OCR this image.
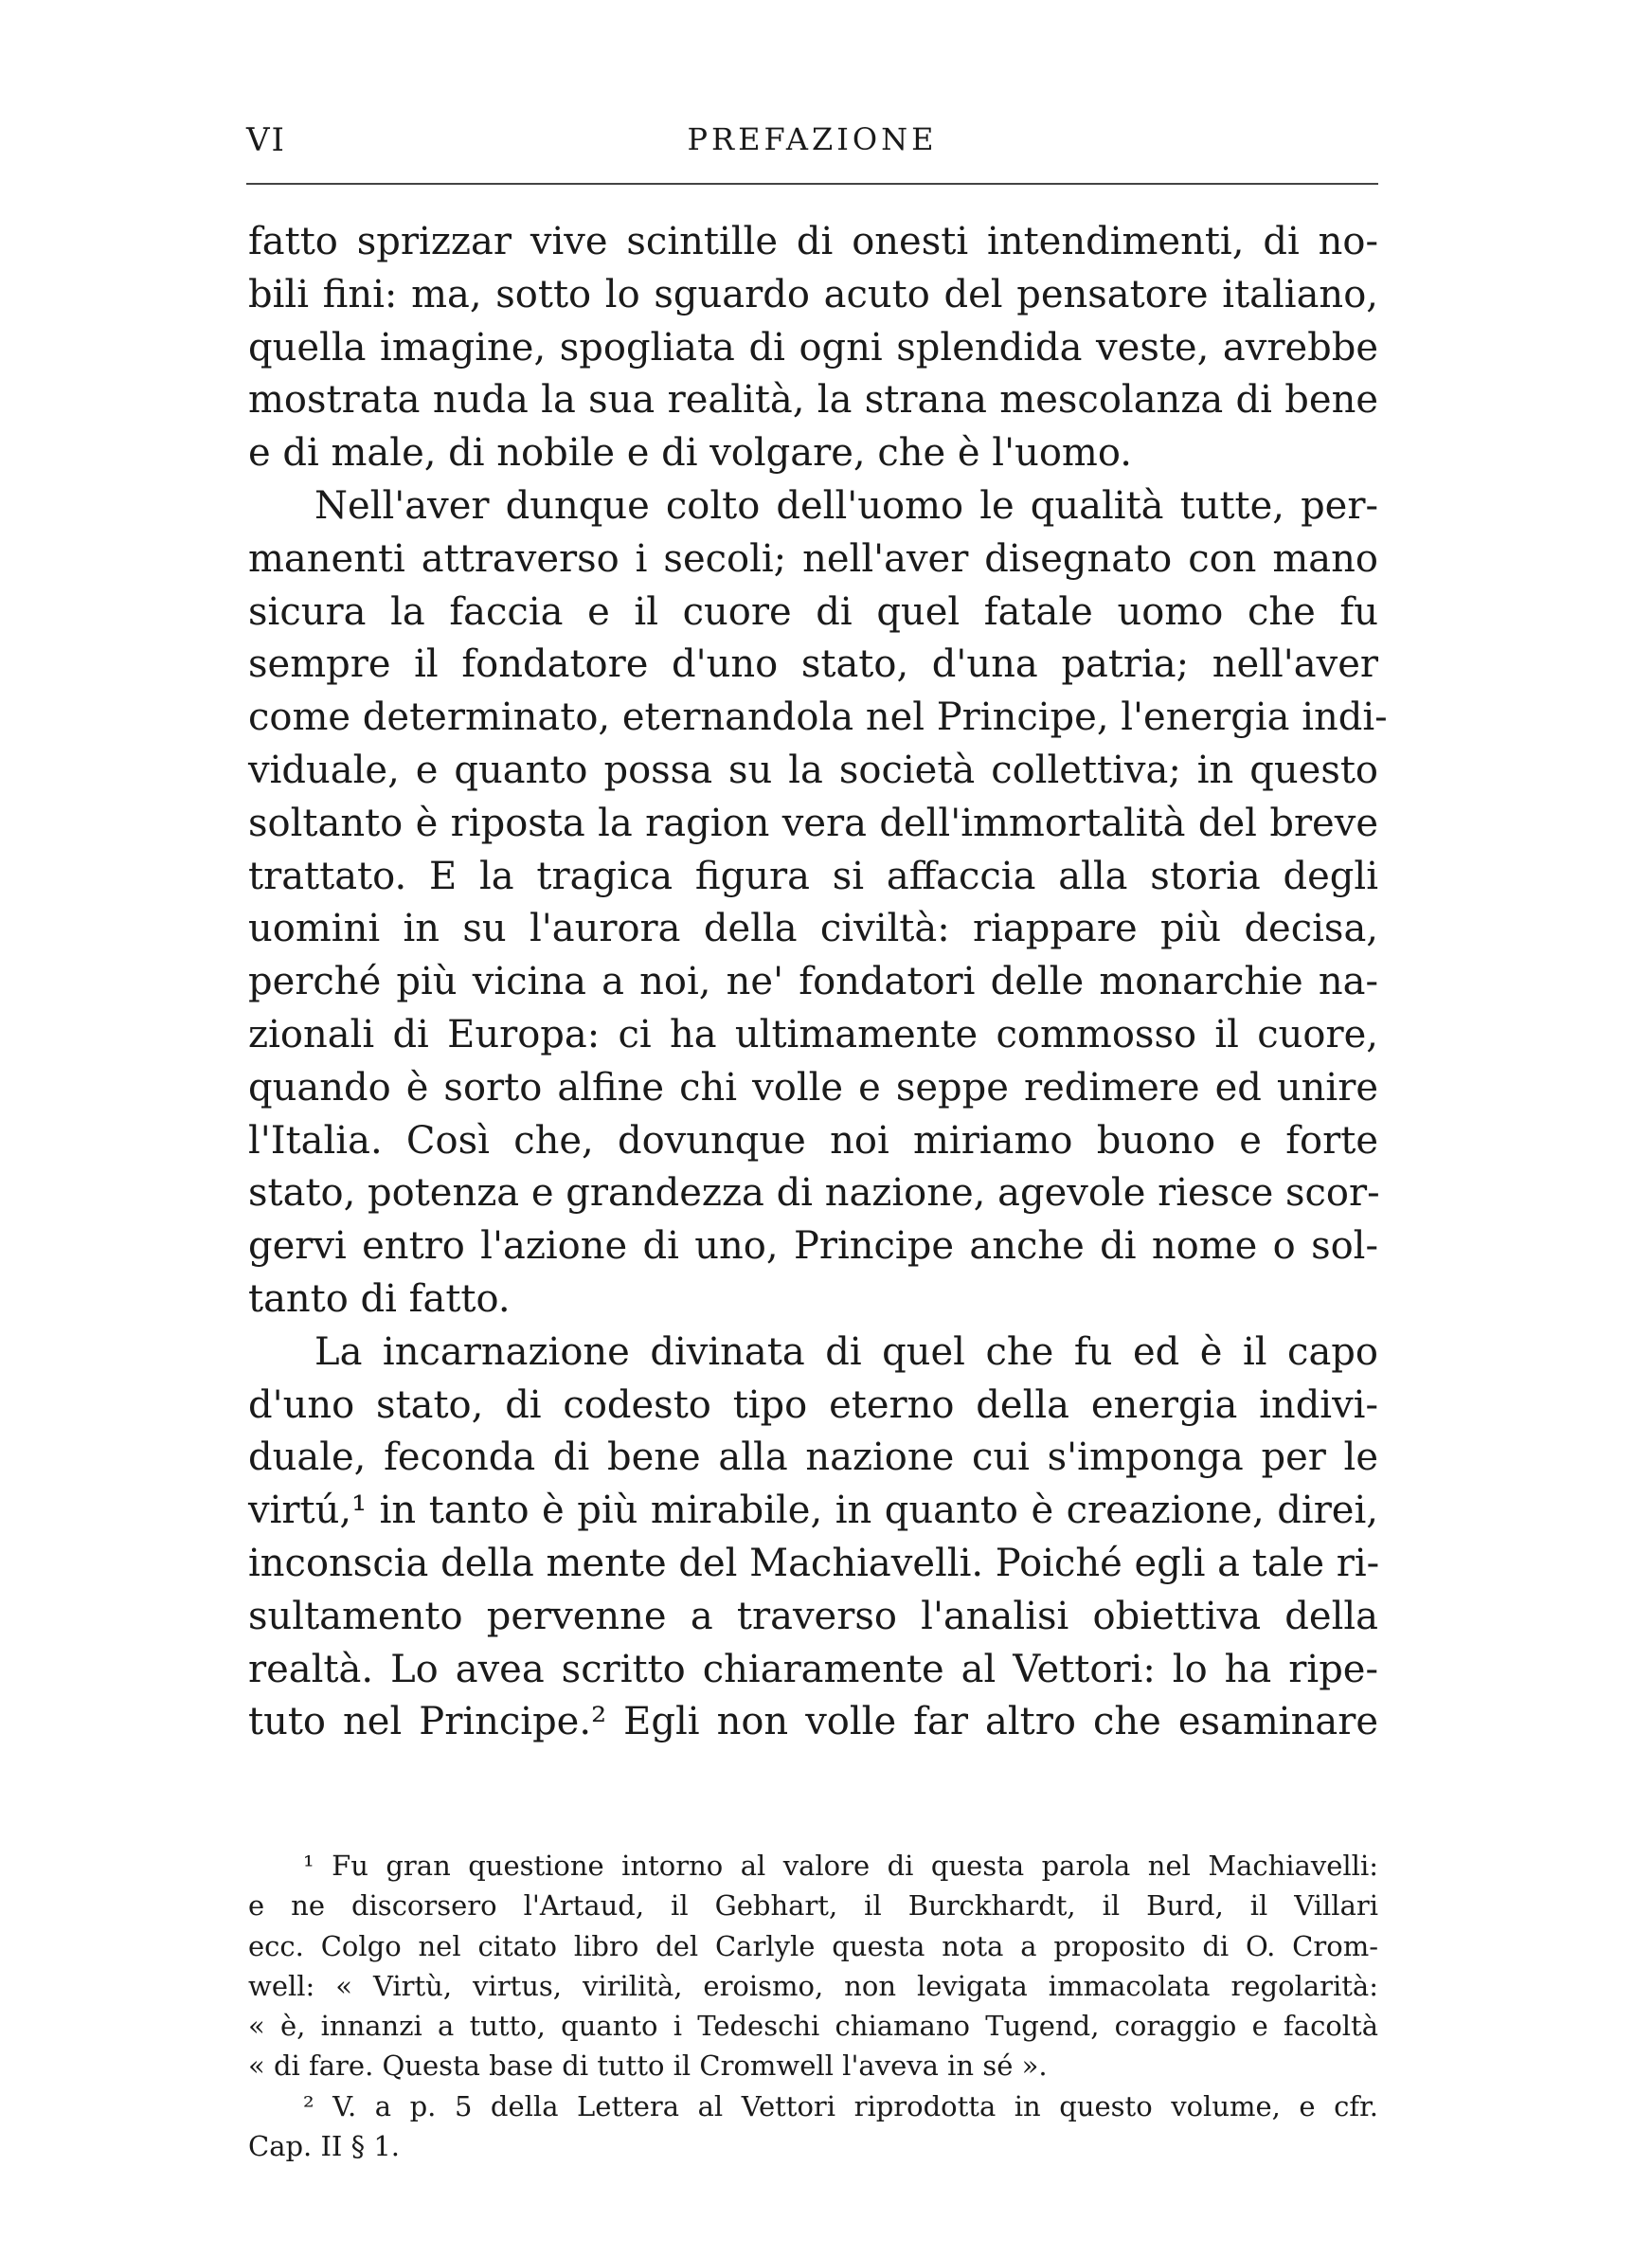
VI	PREFAZIONE
fatto sprizzar vive scintille di onesti intendimenti, di no-
bili fini: ma, sotto lo sguardo acuto del pensatore italiano,
quella imagine, spogliata di ogni splendida veste, avrebbe
mostrata nuda la sua realità, la strana mescolanza di bene
e di male, di nobile e di volgare, che è l'uomo.
Nell'aver dunque colto dell'uomo le qualità tutte, per-
manenti attraverso i secoli; nell'aver disegnato con mano
sicura la faccia e il cuore di quel fatale uomo che fu
sempre il fondatore d'uno stato, d'una patria; nell'aver
come determinato, eternandola nel Principe, l'energia indi-
viduale, e quanto possa su la società collettiva; in questo
soltanto è riposta la ragion vera dell'immortalità del breve
trattato. E la tragica figura si affaccia alla storia degli
uomini in su l'aurora della civiltà: riappare più decisa,
perché più vicina a noi, ne' fondatori delle monarchie na-
zionali di Europa: ci ha ultimamente commosso il cuore,
quando è sorto alfine chi volle e seppe redimere ed unire
l'Italia. Così che, dovunque noi miriamo buono e forte
stato, potenza e grandezza di nazione, agevole riesce scor-
gervi entro l'azione di uno, Principe anche di nome o sol-
tanto di fatto.
La incarnazione divinata di quel che fu ed è il capo
d'uno stato, di codesto tipo eterno della energia indivi-
duale, feconda di bene alla nazione cui s'imponga per le
virtú,¹ in tanto è più mirabile, in quanto è creazione, direi,
inconscia della mente del Machiavelli. Poiché egli a tale ri-
sultamento pervenne a traverso l'analisi obiettiva della
realtà. Lo avea scritto chiaramente al Vettori: lo ha ripe-
tuto nel Principe.² Egli non volle far altro che esaminare
¹ Fu gran questione intorno al valore di questa parola nel Machiavelli:
e ne discorsero l'Artaud, il Gebhart, il Burckhardt, il Burd, il Villari
ecc. Colgo nel citato libro del Carlyle questa nota a proposito di O. Crom-
well: « Virtù, virtus, virilità, eroismo, non levigata immacolata regolarità:
« è, innanzi a tutto, quanto i Tedeschi chiamano Tugend, coraggio e facoltà
« di fare. Questa base di tutto il Cromwell l'aveva in sé ».
² V. a p. 5 della Lettera al Vettori riprodotta in questo volume, e cfr.
Cap. II § 1.
